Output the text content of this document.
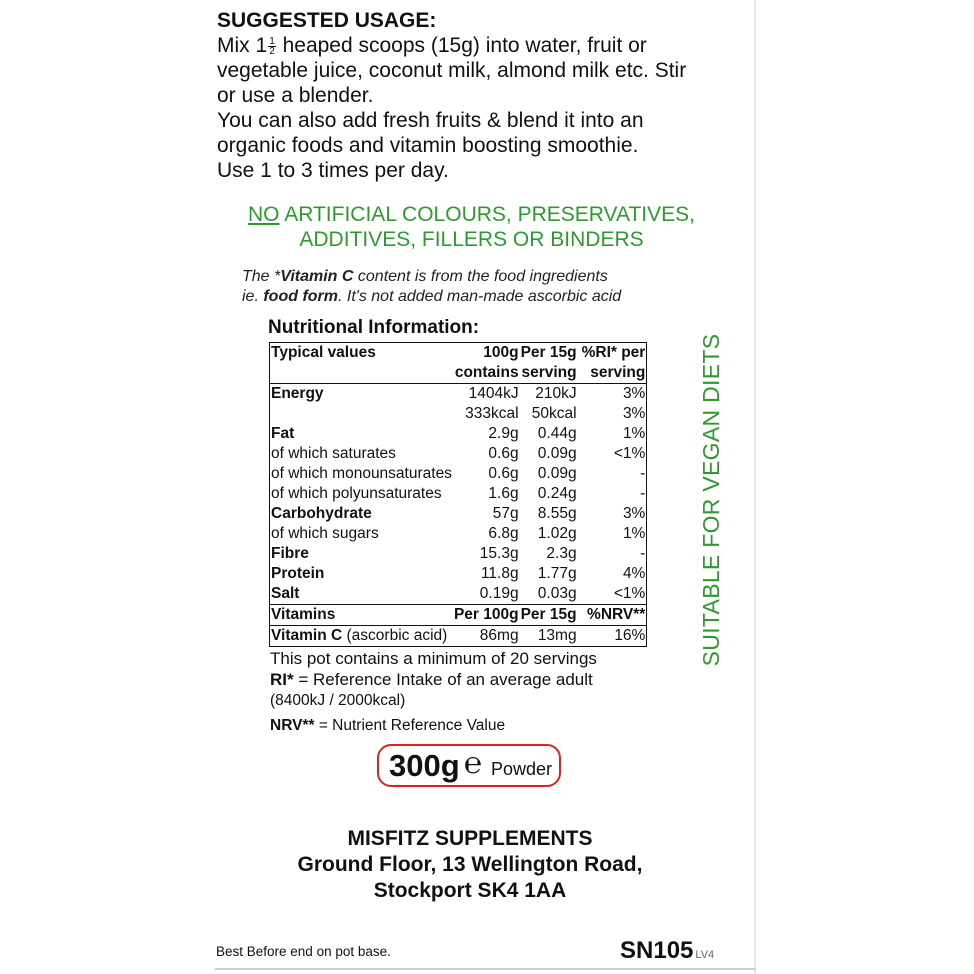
SUGGESTED USAGE:

Mix $1 \frac{1}{2}$ heaped scoops (15g) into water, fruit or

vegetable juice, coconut milk, almond milk etc. Stir

or use a blender.

You can also add fresh fruits & blend it into an

organic foods and vitamin boosting smoothie.

Use 1 to 3 times per day.

NO ARTIFICIAL COLOURS, PRESERVATIVES,
ADDITIVES, FILLERS OR BINDERS
The *Vitamin C content is from the food ingredients
ie. food form. It's not added man-made ascorbic acid
Nutritional Information:
Typical values	100g	Per 15g	%RI* per
	contains	serving	serving
Energy	1404kJ	210kJ	3%
	333kcal	50kcal	3%
Fat	2.9g	0.44g	1%
of which saturates	0.6g	0.09g	<1%
of which monounsaturates	0.6g	0.09g	-
of which polyunsaturates	1.6g	0.24g	-
Carbohydrate	57g	8.55g	3%
of which sugars	6.8g	1.02g	1%
Fibre	15.3g	2.3g	-
Protein	11.8g	1.77g	4%
Salt	0.19g	0.03g	<1%
Vitamins	Per 100g	Per 15g	%NRV**
Vitamin C (ascorbic acid)	86mg	13mg	16%

This pot contains a minimum of 20 servings

RI* = Reference Intake of an average adult

(8400kJ / 2000kcal)

NRV** = Nutrient Reference Value

300g ℮ Powder

MISFITZ SUPPLEMENTS

Ground Floor, 13 Wellington Road,

Stockport SK4 1AA

Best Before end on pot base.	SN105 LV4
SUITABLE FOR VEGAN DIETS
